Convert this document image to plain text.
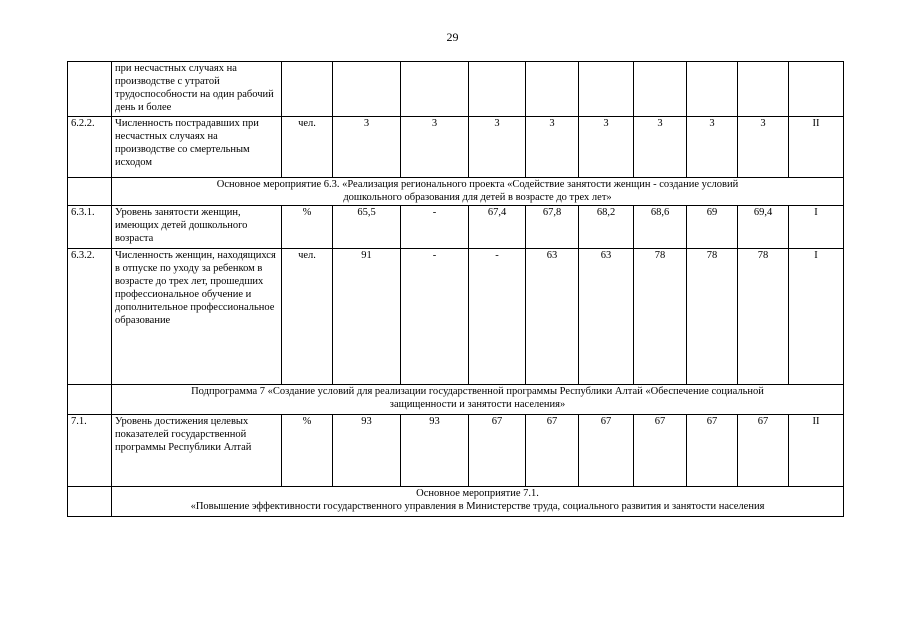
29
	при несчастных случаях на производстве с утратой трудоспособности на один рабочий день и более										
6.2.2.	Численность пострадавших при несчастных случаях на производстве со смертельным исходом	чел.	3	3	3	3	3	3	3	3	II

	Основное мероприятие 6.3. «Реализация регионального проекта «Содействие занятости женщин - создание условий
дошкольного образования для детей в возрасте до трех лет»										

6.3.1.	Уровень занятости женщин, имеющих детей дошкольного возраста	%	65,5	-	67,4	67,8	68,2	68,6	69	69,4	I
6.3.2.	Численность женщин, находящихся в отпуске по уходу за ребенком в возрасте до трех лет, прошедших профессиональное обучение и дополнительное профессиональное образование	чел.	91	-	-	63	63	78	78	78	I

	Подпрограмма 7 «Создание условий для реализации государственной программы Республики Алтай «Обеспечение социальной
защищенности и занятости населения»										

7.1.	Уровень достижения целевых показателей государственной программы Республики Алтай	%	93	93	67	67	67	67	67	67	II

	Основное мероприятие 7.1.
«Повышение эффективности государственного управления в Министерстве труда, социального развития и занятости населения										
